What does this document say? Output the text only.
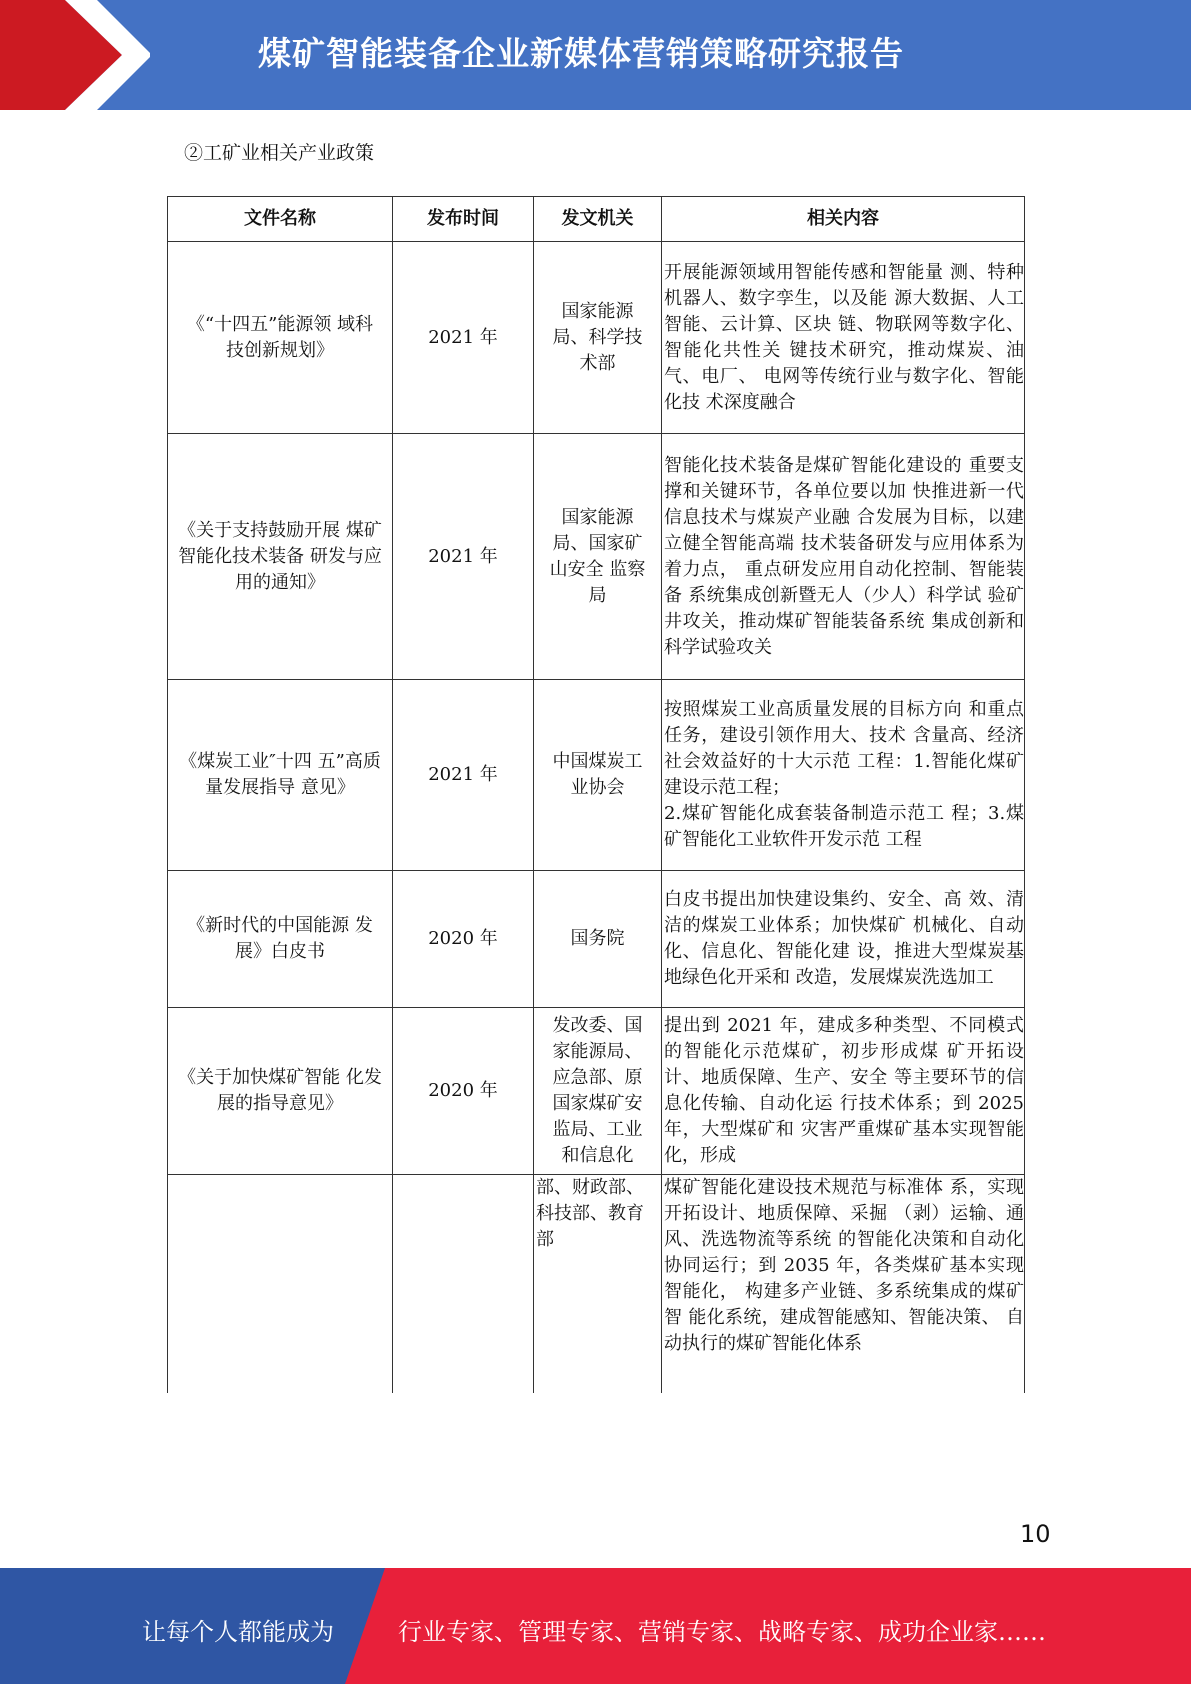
煤矿智能装备企业新媒体营销策略研究报告
②工矿业相关产业政策
文件名称	发布时间	发文机关	相关内容
《“十四五”能源领 域科技创新规划》	2021 年	国家能源局、科学技术部	开展能源领域用智能传感和智能量 测、特种机器人、数字孪生，以及能 源大数据、人工智能、云计算、区块 链、物联网等数字化、智能化共性关 键技术研究，推动煤炭、油气、电厂、 电网等传统行业与数字化、智能化技 术深度融合
《关于支持鼓励开展 煤矿智能化技术装备 研发与应用的通知》	2021 年	国家能源局、国家矿山安全 监察局	智能化技术装备是煤矿智能化建设的 重要支撑和关键环节，各单位要以加 快推进新一代信息技术与煤炭产业融 合发展为目标，以建立健全智能高端 技术装备研发与应用体系为着力点， 重点研发应用自动化控制、智能装备 系统集成创新暨无人（少人）科学试 验矿井攻关，推动煤矿智能装备系统 集成创新和科学试验攻关
《煤炭工业″十四 五”高质量发展指导 意见》	2021 年	中国煤炭工业协会	按照煤炭工业高质量发展的目标方向 和重点任务，建设引领作用大、技术 含量高、经济社会效益好的十大示范 工程：1.智能化煤矿建设示范工程；
2.煤矿智能化成套装备制造示范工 程；3.煤矿智能化工业软件开发示范 工程

《新时代的中国能源 发展》白皮书	2020 年	国务院	白皮书提出加快建设集约、安全、高 效、清洁的煤炭工业体系；加快煤矿 机械化、自动化、信息化、智能化建 设，推进大型煤炭基地绿色化开采和 改造，发展煤炭洗选加工
《关于加快煤矿智能 化发展的指导意见》	2020 年	发改委、国家能源局、应急部、原国家煤矿安监局、工业和信息化	提出到 2021 年，建成多种类型、不同模式的智能化示范煤矿，初步形成煤 矿开拓设计、地质保障、生产、安全 等主要环节的信息化传输、自动化运 行技术体系；到 2025 年，大型煤矿和 灾害严重煤矿基本实现智能化，形成
		部、财政部、科技部、教育部	煤矿智能化建设技术规范与标准体 系，实现开拓设计、地质保障、采掘 （剥）运输、通风、洗选物流等系统 的智能化决策和自动化协同运行；到 2035 年，各类煤矿基本实现智能化， 构建多产业链、多系统集成的煤矿智 能化系统，建成智能感知、智能决策、 自动执行的煤矿智能化体系
10
让每个人都能成为	行业专家、管理专家、营销专家、战略专家、成功企业家……
